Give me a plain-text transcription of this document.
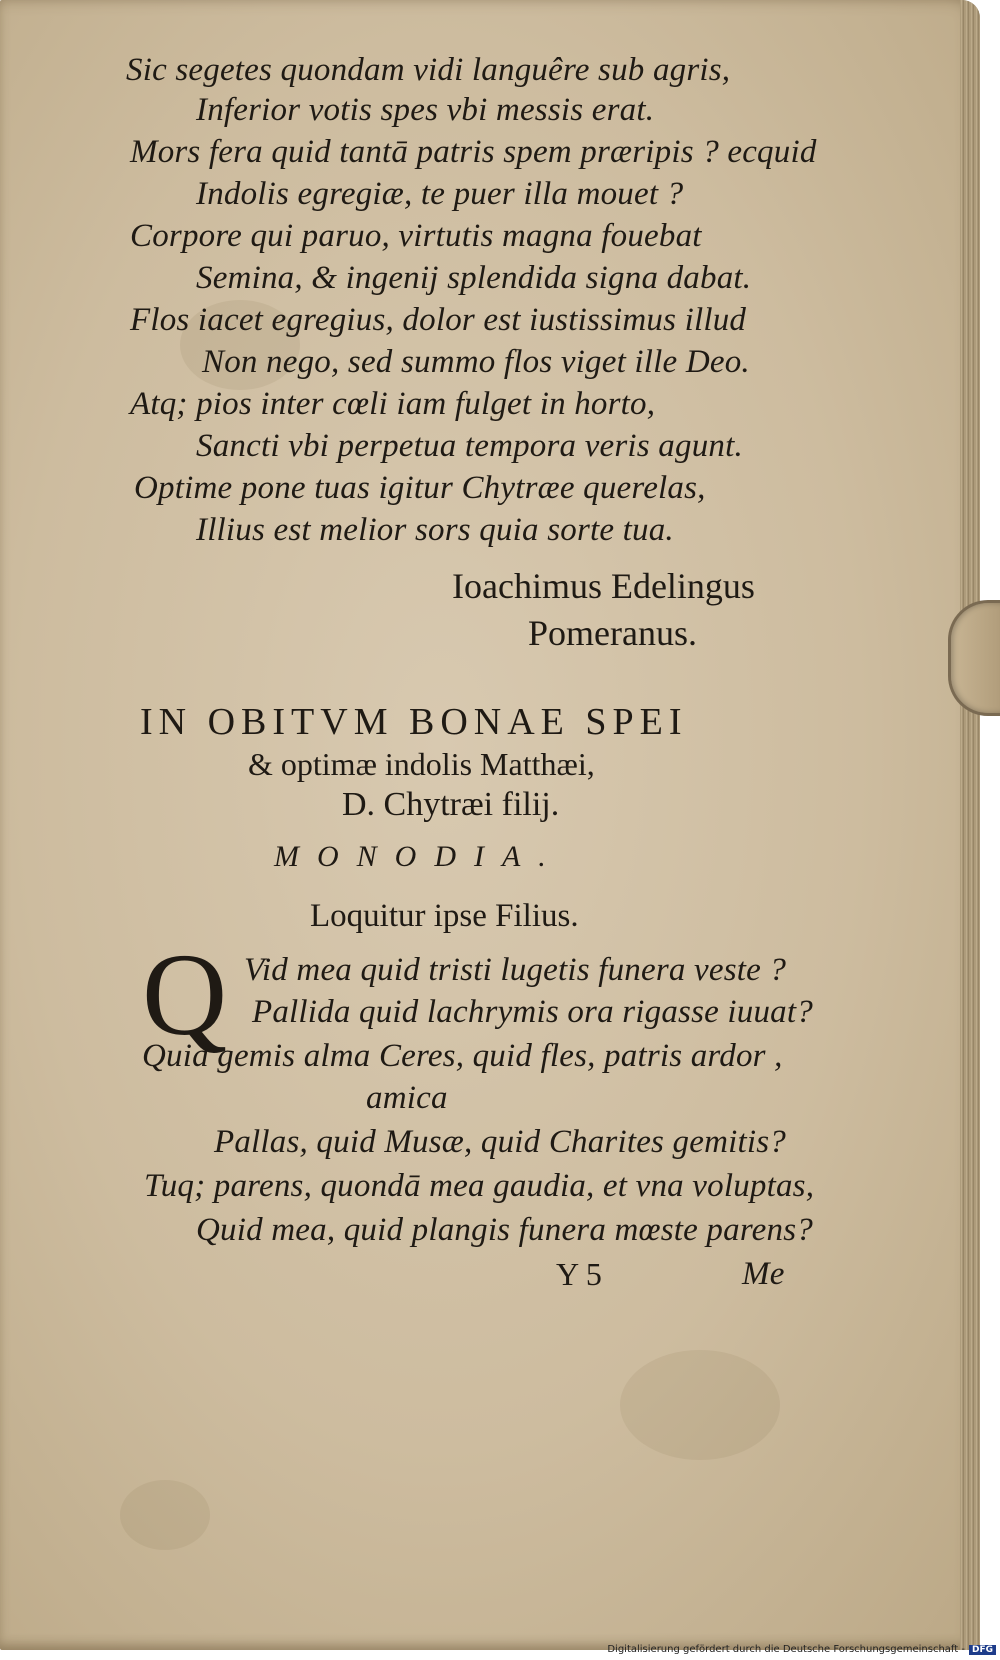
Sic segetes quondam vidi languêre sub agris,
Inferior votis spes vbi messis erat.
Mors fera quid tantā patris spem præripis ? ecquid
Indolis egregiæ, te puer illa mouet ?
Corpore qui paruo, virtutis magna fouebat
Semina, & ingenij splendida signa dabat.
Flos iacet egregius, dolor est iustissimus illud
Non nego, sed summo flos viget ille Deo.
Atq; pios inter cœli iam fulget in horto,
Sancti vbi perpetua tempora veris agunt.
Optime pone tuas igitur Chytræe querelas,
Illius est melior sors quia sorte tua.
Ioachimus Edelingus
Pomeranus.
IN OBITVM BONAE SPEI
& optimæ indolis Matthæi,
D. Chytræi filij.
MONODIA.
Loquitur ipse Filius.
Q Vid mea quid tristi lugetis funera veste ?
Pallida quid lachrymis ora rigasse iuuat?
Quid gemis alma Ceres, quid fles, patris ardor ,
amica
Pallas, quid Musæ, quid Charites gemitis?
Tuq; parens, quondā mea gaudia, et vna voluptas,
Quid mea, quid plangis funera mœste parens?
Y 5	Me
Digitalisierung gefördert durch die Deutsche Forschungsgemeinschaft - DFG
